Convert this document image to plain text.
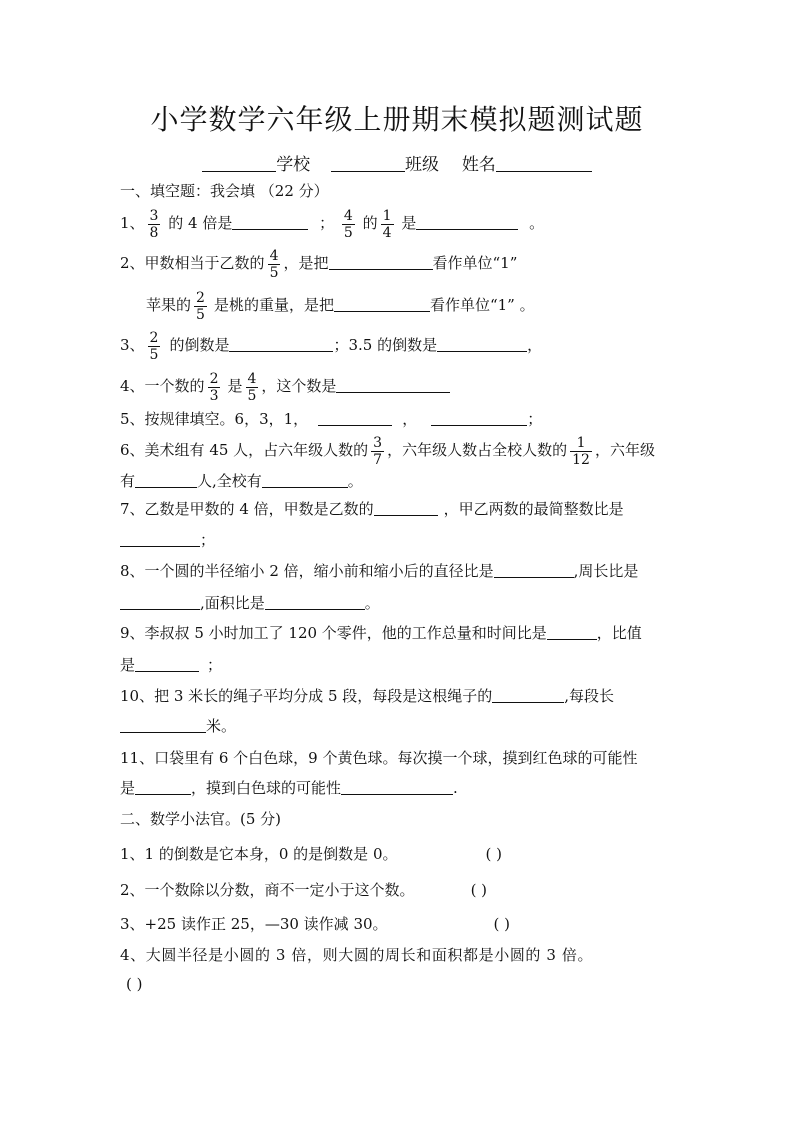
小学数学六年级上册期末模拟题测试题
学校	班级 姓名
一、填空题：我会填 （22 分）
1、 $\frac{3}{8}$ 的 4 倍是	； $\frac{4}{5}$ 的 $\frac{1}{4}$ 是	。
2、甲数相当于乙数的 $\frac{4}{5}$ ，是把	看作单位“1”
苹果的 $\frac{2}{5}$ 是桃的重量，是把	看作单位“1” 。
3、 $\frac{2}{5}$ 的倒数是	；3.5 的倒数是	，
4、一个数的 $\frac{2}{3}$ 是 $\frac{4}{5}$ ，这个数是
5、按规律填空。6，3，1，	，	；
6、美术组有 45 人，占六年级人数的 $\frac{3}{7}$ ，六年级人数占全校人数的 $\frac{1}{12}$ ，六年级
有	人,全校有	。
7、乙数是甲数的 4 倍，甲数是乙数的	，甲乙两数的最简整数比是
；
8、一个圆的半径缩小 2 倍，缩小前和缩小后的直径比是	,周长比是
,面积比是	。
9、李叔叔 5 小时加工了 120 个零件，他的工作总量和时间比是	，比值
是	；
10、把 3 米长的绳子平均分成 5 段，每段是这根绳子的	,每段长
米。
11、口袋里有 6 个白色球，9 个黄色球。每次摸一个球，摸到红色球的可能性
是	，摸到白色球的可能性	.
二、数学小法官。(5 分)
1、1 的倒数是它本身，0 的是倒数是 0。	( )
2、一个数除以分数，商不一定小于这个数。	( )
3、+25 读作正 25，—30 读作减 30。	( )
4、大圆半径是小圆的 3 倍，则大圆的周长和面积都是小圆的 3 倍。
( )
